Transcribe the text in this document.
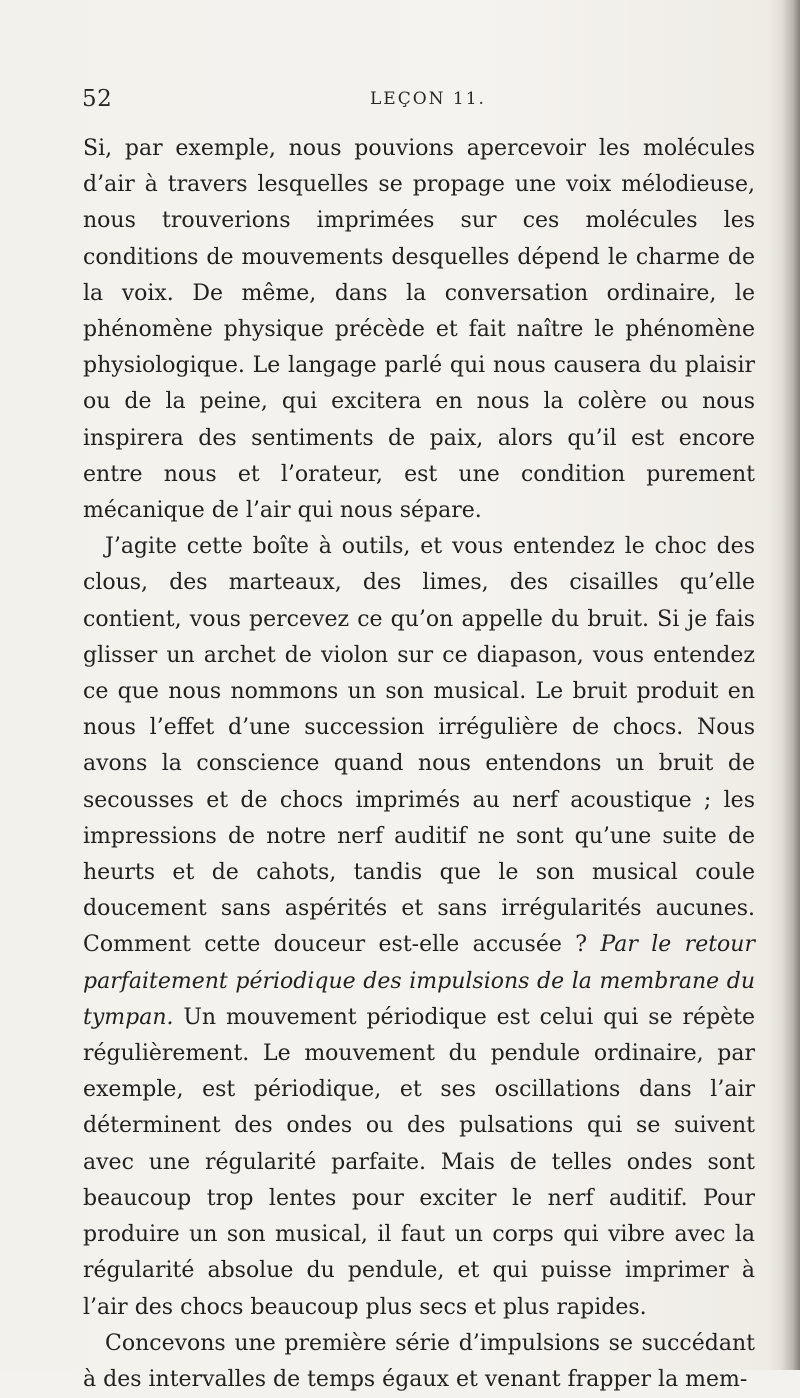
52	LEÇON 11.

Si, par exemple, nous pouvions apercevoir les molécules d’air à travers lesquelles se propage une voix mélodieuse, nous trouverions imprimées sur ces molécules les conditions de mouvements desquelles dépend le charme de la voix. De même, dans la conversation ordinaire, le phénomène physique précède et fait naître le phénomène physiologique. Le langage parlé qui nous causera du plaisir ou de la peine, qui excitera en nous la colère ou nous inspirera des sentiments de paix, alors qu’il est encore entre nous et l’orateur, est une condition purement mécanique de l’air qui nous sépare.

J’agite cette boîte à outils, et vous entendez le choc des clous, des marteaux, des limes, des cisailles qu’elle contient, vous percevez ce qu’on appelle du bruit. Si je fais glisser un archet de violon sur ce diapason, vous entendez ce que nous nommons un son musical. Le bruit produit en nous l’effet d’une succession irrégulière de chocs. Nous avons la conscience quand nous entendons un bruit de secousses et de chocs imprimés au nerf acoustique ; les impressions de notre nerf auditif ne sont qu’une suite de heurts et de cahots, tandis que le son musical coule doucement sans aspérités et sans irrégularités aucunes. Comment cette douceur est-elle accusée ? Par le retour parfaitement périodique des impulsions de la membrane du tympan. Un mouvement périodique est celui qui se répète régulièrement. Le mouvement du pendule ordinaire, par exemple, est périodique, et ses oscillations dans l’air déterminent des ondes ou des pulsations qui se suivent avec une régularité parfaite. Mais de telles ondes sont beaucoup trop lentes pour exciter le nerf auditif. Pour produire un son musical, il faut un corps qui vibre avec la régularité absolue du pendule, et qui puisse imprimer à l’air des chocs beaucoup plus secs et plus rapides.

Concevons une première série d’impulsions se succédant à des intervalles de temps égaux et venant frapper la mem-
